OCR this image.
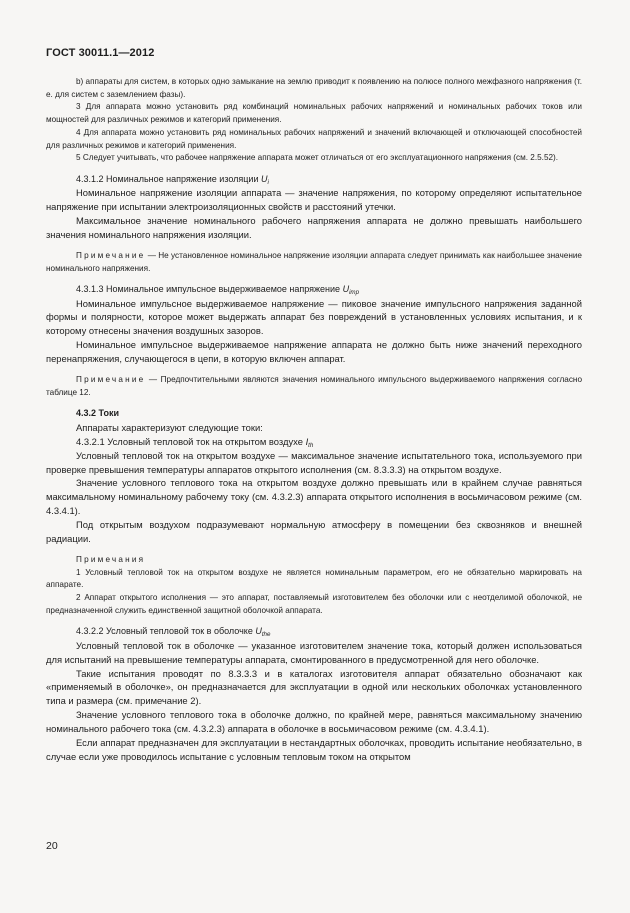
ГОСТ 30011.1—2012

b) аппараты для систем, в которых одно замыкание на землю приводит к появлению на полюсе полного межфазного напряжения (т. е. для систем с заземлением фазы).

3 Для аппарата можно установить ряд комбинаций номинальных рабочих напряжений и номинальных рабочих токов или мощностей для различных режимов и категорий применения.

4 Для аппарата можно установить ряд номинальных рабочих напряжений и значений включающей и отключающей способностей для различных режимов и категорий применения.

5 Следует учитывать, что рабочее напряжение аппарата может отличаться от его эксплуатационного напряжения (см. 2.5.52).

4.3.1.2 Номинальное напряжение изоляции $U_i$

Номинальное напряжение изоляции аппарата — значение напряжения, по которому определяют испытательное напряжение при испытании электроизоляционных свойств и расстояний утечки.

Максимальное значение номинального рабочего напряжения аппарата не должно превышать наибольшего значения номинального напряжения изоляции.

Примечание — Не установленное номинальное напряжение изоляции аппарата следует принимать как наибольшее значение номинального напряжения.

4.3.1.3 Номинальное импульсное выдерживаемое напряжение $U_{imp}$

Номинальное импульсное выдерживаемое напряжение — пиковое значение импульсного напряжения заданной формы и полярности, которое может выдержать аппарат без повреждений в установленных условиях испытания, и к которому отнесены значения воздушных зазоров.

Номинальное импульсное выдерживаемое напряжение аппарата не должно быть ниже значений переходного перенапряжения, случающегося в цепи, в которую включен аппарат.

Примечание — Предпочтительными являются значения номинального импульсного выдерживаемого напряжения согласно таблице 12.

4.3.2 Токи

Аппараты характеризуют следующие токи:

4.3.2.1 Условный тепловой ток на открытом воздухе $I_{th}$

Условный тепловой ток на открытом воздухе — максимальное значение испытательного тока, используемого при проверке превышения температуры аппаратов открытого исполнения (см. 8.3.3.3) на открытом воздухе.

Значение условного теплового тока на открытом воздухе должно превышать или в крайнем случае равняться максимальному номинальному рабочему току (см. 4.3.2.3) аппарата открытого исполнения в восьмичасовом режиме (см. 4.3.4.1).

Под открытым воздухом подразумевают нормальную атмосферу в помещении без сквозняков и внешней радиации.

Примечания

1 Условный тепловой ток на открытом воздухе не является номинальным параметром, его не обязательно маркировать на аппарате.

2 Аппарат открытого исполнения — это аппарат, поставляемый изготовителем без оболочки или с неотделимой оболочкой, не предназначенной служить единственной защитной оболочкой аппарата.

4.3.2.2 Условный тепловой ток в оболочке $U_{the}$

Условный тепловой ток в оболочке — указанное изготовителем значение тока, который должен использоваться для испытаний на превышение температуры аппарата, смонтированного в предусмотренной для него оболочке.

Такие испытания проводят по 8.3.3.3 и в каталогах изготовителя аппарат обязательно обозначают как «применяемый в оболочке», он предназначается для эксплуатации в одной или нескольких оболочках установленного типа и размера (см. примечание 2).

Значение условного теплового тока в оболочке должно, по крайней мере, равняться максимальному значению номинального рабочего тока (см. 4.3.2.3) аппарата в оболочке в восьмичасовом режиме (см. 4.3.4.1).

Если аппарат предназначен для эксплуатации в нестандартных оболочках, проводить испытание необязательно, в случае если уже проводилось испытание с условным тепловым током на открытом

20
